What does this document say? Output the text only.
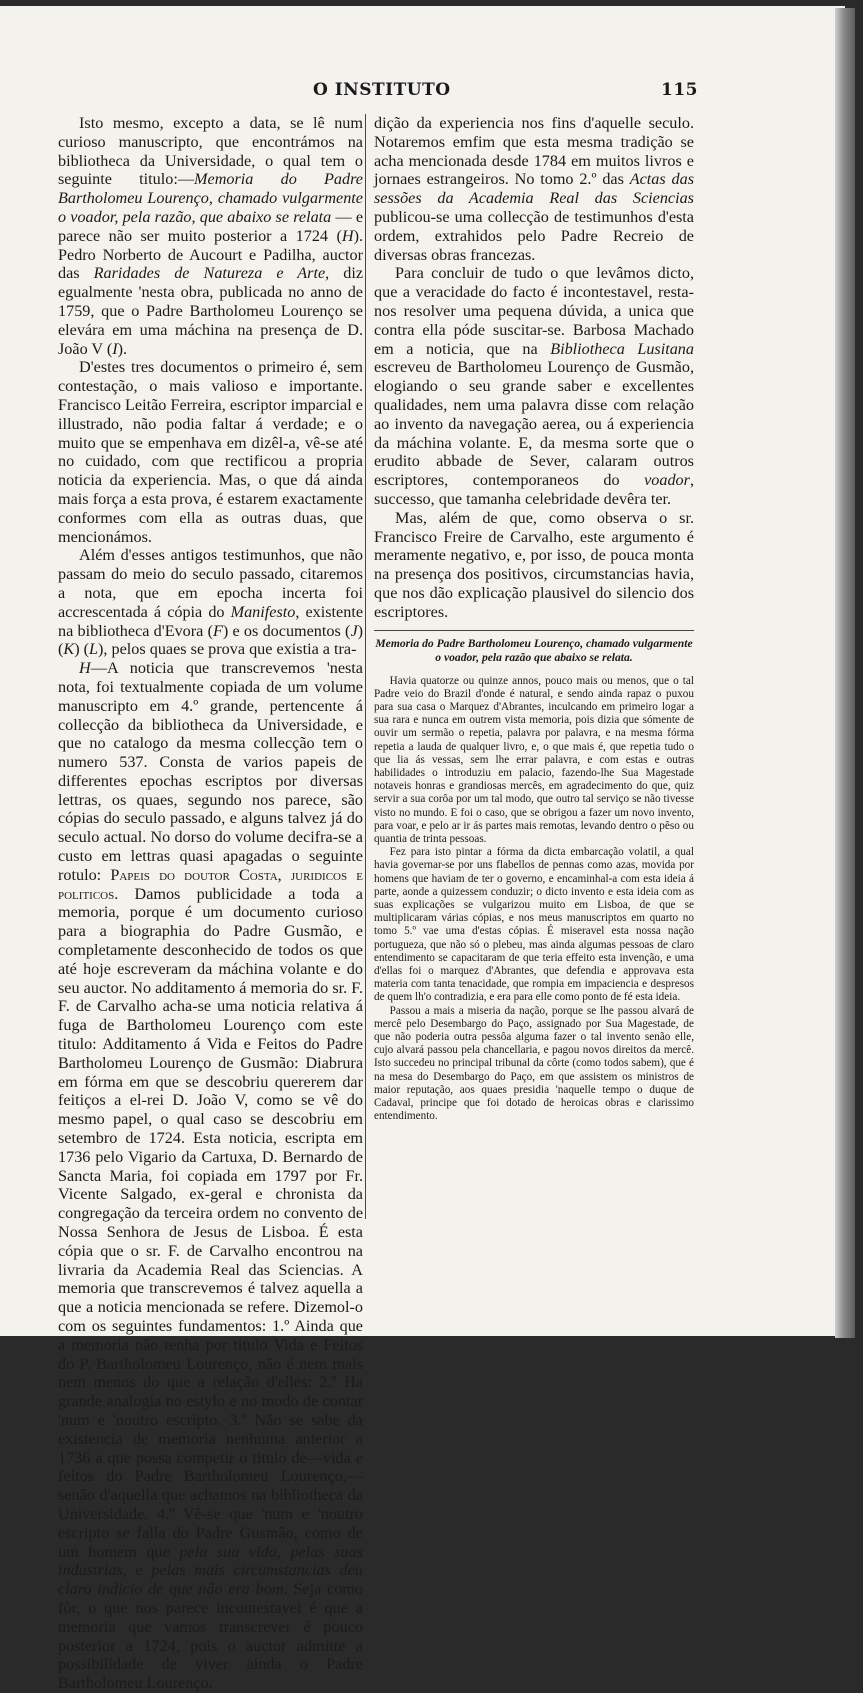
O INSTITUTO	115

Isto mesmo, excepto a data, se lê num curioso manuscripto, que encontrámos na bibliotheca da Universidade, o qual tem o seguinte titulo:—Memoria do Padre Bartholomeu Lourenço, chamado vulgarmente o voador, pela razão, que abaixo se relata — e parece não ser muito posterior a 1724 (H). Pedro Norberto de Aucourt e Padilha, auctor das Raridades de Natureza e Arte, diz egualmente 'nesta obra, publicada no anno de 1759, que o Padre Bartholomeu Lourenço se elevára em uma máchina na presença de D. João V (I).

D'estes tres documentos o primeiro é, sem contestação, o mais valioso e importante. Francisco Leitão Ferreira, escriptor imparcial e illustrado, não podia faltar á verdade; e o muito que se empenhava em dizêl-a, vê-se até no cuidado, com que rectificou a propria noticia da experiencia. Mas, o que dá ainda mais força a esta prova, é estarem exactamente conformes com ella as outras duas, que mencionámos.

Além d'esses antigos testimunhos, que não passam do meio do seculo passado, citaremos a nota, que em epocha incerta foi accrescentada á cópia do Manifesto, existente na bibliotheca d'Evora (F) e os documentos (J) (K) (L), pelos quaes se prova que existia a tra-

H—A noticia que transcrevemos 'nesta nota, foi textualmente copiada de um volume manuscripto em 4.º grande, pertencente á collecção da bibliotheca da Universidade, e que no catalogo da mesma collecção tem o numero 537. Consta de varios papeis de differentes epochas escriptos por diversas lettras, os quaes, segundo nos parece, são cópias do seculo passado, e alguns talvez já do seculo actual. No dorso do volume decifra-se a custo em lettras quasi apagadas o seguinte rotulo: Papeis do doutor Costa, juridicos e politicos. Damos publicidade a toda a memoria, porque é um documento curioso para a biographia do Padre Gusmão, e completamente desconhecido de todos os que até hoje escreveram da máchina volante e do seu auctor. No additamento á memoria do sr. F. F. de Carvalho acha-se uma noticia relativa á fuga de Bartholomeu Lourenço com este titulo: Additamento á Vida e Feitos do Padre Bartholomeu Lourenço de Gusmão: Diabrura em fórma em que se descobriu quererem dar feitiços a el-rei D. João V, como se vê do mesmo papel, o qual caso se descobriu em setembro de 1724. Esta noticia, escripta em 1736 pelo Vigario da Cartuxa, D. Bernardo de Sancta Maria, foi copiada em 1797 por Fr. Vicente Salgado, ex-geral e chronista da congregação da terceira ordem no convento de Nossa Senhora de Jesus de Lisboa. É esta cópia que o sr. F. de Carvalho encontrou na livraria da Academia Real das Sciencias. A memoria que transcrevemos é talvez aquella a que a noticia mencionada se refere. Dizemol-o com os seguintes fundamentos: 1.º Ainda que a memoria não tenha por titulo Vida e Feitos do P. Bartholomeu Lourenço, não é nem mais nem menos do que a relação d'elles: 2.º Ha grande analogia no estylo e no modo de contar 'num e 'noutro escripto. 3.º Não se sabe da existencia de memoria nenhuma anterior a 1736 a que possa competir o titulo de—vida e feitos do Padre Bartholomeu Lourenço,—senão d'aquella que achamos na bibliotheca da Universidade. 4.º Vê-se que 'num e 'noutro escripto se falla do Padre Gusmão, como de um homem que pela sua vida, pelas suas industrias, e pelas mais circumstancias deu claro indicio de que não era bom. Seja como fôr, o que nos parece incontestavel é que a memoria que vamos transcrever é pouco posterior a 1724, pois o auctor admitte a possibilidade de viver ainda o Padre Bartholomeu Lourenço.

dição da experiencia nos fins d'aquelle seculo. Notaremos emfim que esta mesma tradição se acha mencionada desde 1784 em muitos livros e jornaes estrangeiros. No tomo 2.º das Actas das sessões da Academia Real das Sciencias publicou-se uma collecção de testimunhos d'esta ordem, extrahidos pelo Padre Recreio de diversas obras francezas.

Para concluir de tudo o que levâmos dicto, que a veracidade do facto é incontestavel, resta-nos resolver uma pequena dúvida, a unica que contra ella póde suscitar-se. Barbosa Machado em a noticia, que na Bibliotheca Lusitana escreveu de Bartholomeu Lourenço de Gusmão, elogiando o seu grande saber e excellentes qualidades, nem uma palavra disse com relação ao invento da navegação aerea, ou á experiencia da máchina volante. E, da mesma sorte que o erudito abbade de Sever, calaram outros escriptores, contemporaneos do voador, successo, que tamanha celebridade devêra ter.

Mas, além de que, como observa o sr. Francisco Freire de Carvalho, este argumento é meramente negativo, e, por isso, de pouca monta na presença dos positivos, circumstancias havia, que nos dão explicação plausivel do silencio dos escriptores.

Memoria do Padre Bartholomeu Lourenço, chamado vulgarmente o voador, pela razão que abaixo se relata.

Havia quatorze ou quinze annos, pouco mais ou menos, que o tal Padre veio do Brazil d'onde é natural, e sendo ainda rapaz o puxou para sua casa o Marquez d'Abrantes, inculcando em primeiro logar a sua rara e nunca em outrem vista memoria, pois dizia que sómente de ouvir um sermão o repetia, palavra por palavra, e na mesma fórma repetia a lauda de qualquer livro, e, o que mais é, que repetia tudo o que lia ás vessas, sem lhe errar palavra, e com estas e outras habilidades o introduziu em palacio, fazendo-lhe Sua Magestade notaveis honras e grandiosas mercês, em agradecimento do que, quiz servir a sua corôa por um tal modo, que outro tal serviço se não tivesse visto no mundo. E foi o caso, que se obrigou a fazer um novo invento, para voar, e pelo ar ir ás partes mais remotas, levando dentro o pêso ou quantia de trinta pessoas.

Fez para isto pintar a fórma da dicta embarcação volatil, a qual havia governar-se por uns flabellos de pennas como azas, movida por homens que haviam de ter o governo, e encaminhal-a com esta ideia á parte, aonde a quizessem conduzir; o dicto invento e esta ideia com as suas explicações se vulgarizou muito em Lisboa, de que se multiplicaram várias cópias, e nos meus manuscriptos em quarto no tomo 5.º vae uma d'estas cópias. É miseravel esta nossa nação portugueza, que não só o plebeu, mas ainda algumas pessoas de claro entendimento se capacitaram de que teria effeito esta invenção, e uma d'ellas foi o marquez d'Abrantes, que defendia e approvava esta materia com tanta tenacidade, que rompia em impaciencia e despresos de quem lh'o contradizia, e era para elle como ponto de fé esta ideia.

Passou a mais a miseria da nação, porque se lhe passou alvará de mercê pelo Desembargo do Paço, assignado por Sua Magestade, de que não poderia outra pessôa alguma fazer o tal invento senão elle, cujo alvará passou pela chancellaria, e pagou novos direitos da mercê. Isto succedeu no principal tribunal da côrte (como todos sabem), que é na mesa do Desembargo do Paço, em que assistem os ministros de maior reputação, aos quaes presidia 'naquelle tempo o duque de Cadaval, principe que foi dotado de heroicas obras e clarissimo entendimento.
